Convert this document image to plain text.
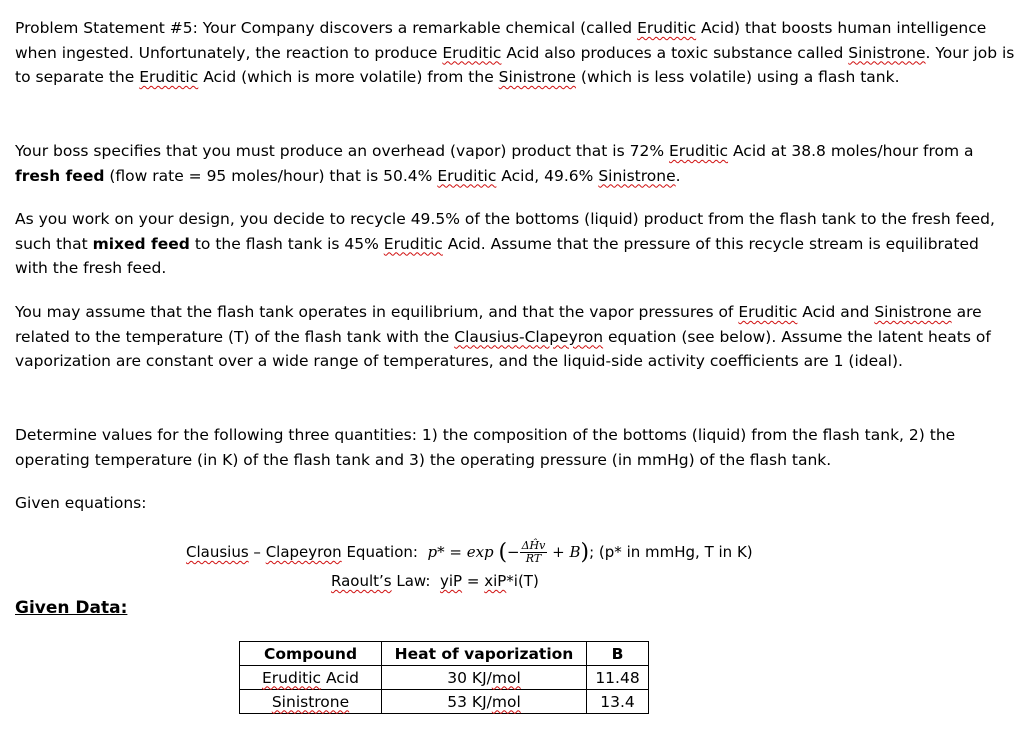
Problem Statement #5: Your Company discovers a remarkable chemical (called Eruditic Acid) that boosts human intelligence when ingested. Unfortunately, the reaction to produce Eruditic Acid also produces a toxic substance called Sinistrone. Your job is to separate the Eruditic Acid (which is more volatile) from the Sinistrone (which is less volatile) using a flash tank.

Your boss specifies that you must produce an overhead (vapor) product that is 72% Eruditic Acid at 38.8 moles/hour from a fresh feed (flow rate = 95 moles/hour) that is 50.4% Eruditic Acid, 49.6% Sinistrone.

As you work on your design, you decide to recycle 49.5% of the bottoms (liquid) product from the flash tank to the fresh feed, such that mixed feed to the flash tank is 45% Eruditic Acid. Assume that the pressure of this recycle stream is equilibrated with the fresh feed.

You may assume that the flash tank operates in equilibrium, and that the vapor pressures of Eruditic Acid and Sinistrone are related to the temperature (T) of the flash tank with the Clausius-Clapeyron equation (see below). Assume the latent heats of vaporization are constant over a wide range of temperatures, and the liquid-side activity coefficients are 1 (ideal).

Determine values for the following three quantities: 1) the composition of the bottoms (liquid) from the flash tank, 2) the operating temperature (in K) of the flash tank and 3) the operating pressure (in mmHg) of the flash tank.

Given equations:
Clausius – Clapeyron Equation: p* = exp (− $\frac{\Delta Ĥv}{RT} + B$); (p* in mmHg, T in K)
Raoult’s Law: yiP = xiP*i(T)
Given Data:
Compound	Heat of vaporization	B
Eruditic Acid	30 KJ/mol	11.48
Sinistrone	53 KJ/mol	13.4
